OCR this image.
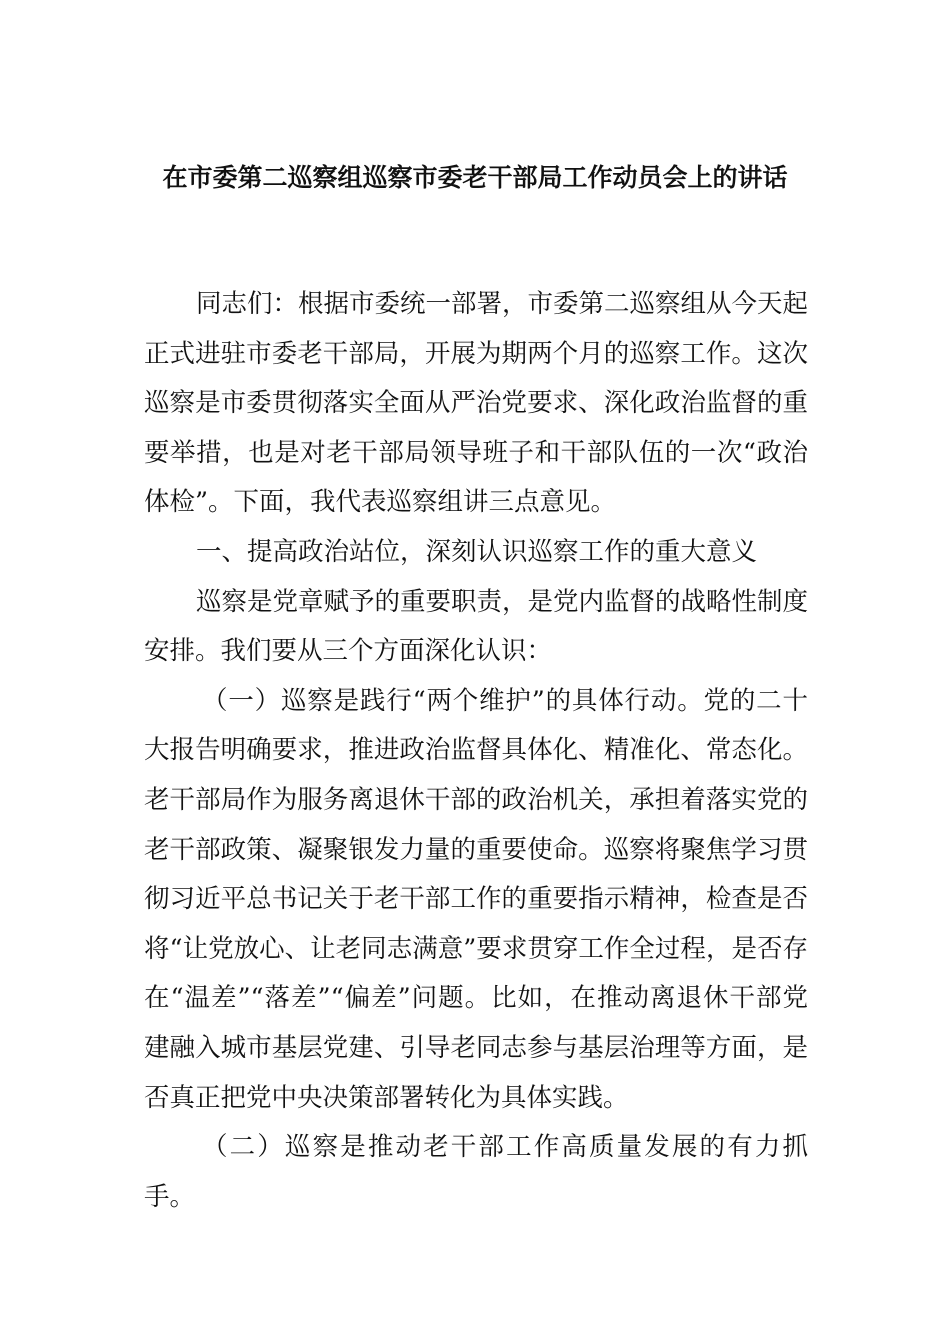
在市委第二巡察组巡察市委老干部局工作动员会上的讲话

同志们：根据市委统一部署，市委第二巡察组从今天起正式进驻市委老干部局，开展为期两个月的巡察工作。这次巡察是市委贯彻落实全面从严治党要求、深化政治监督的重要举措，也是对老干部局领导班子和干部队伍的一次“政治体检”。下面，我代表巡察组讲三点意见。

一、提高政治站位，深刻认识巡察工作的重大意义

巡察是党章赋予的重要职责，是党内监督的战略性制度安排。我们要从三个方面深化认识：

（一）巡察是践行“两个维护”的具体行动。党的二十大报告明确要求，推进政治监督具体化、精准化、常态化。老干部局作为服务离退休干部的政治机关，承担着落实党的老干部政策、凝聚银发力量的重要使命。巡察将聚焦学习贯彻习近平总书记关于老干部工作的重要指示精神，检查是否将“让党放心、让老同志满意”要求贯穿工作全过程，是否存在“温差”“落差”“偏差”问题。比如，在推动离退休干部党建融入城市基层党建、引导老同志参与基层治理等方面，是否真正把党中央决策部署转化为具体实践。

（二）巡察是推动老干部工作高质量发展的有力抓手。
